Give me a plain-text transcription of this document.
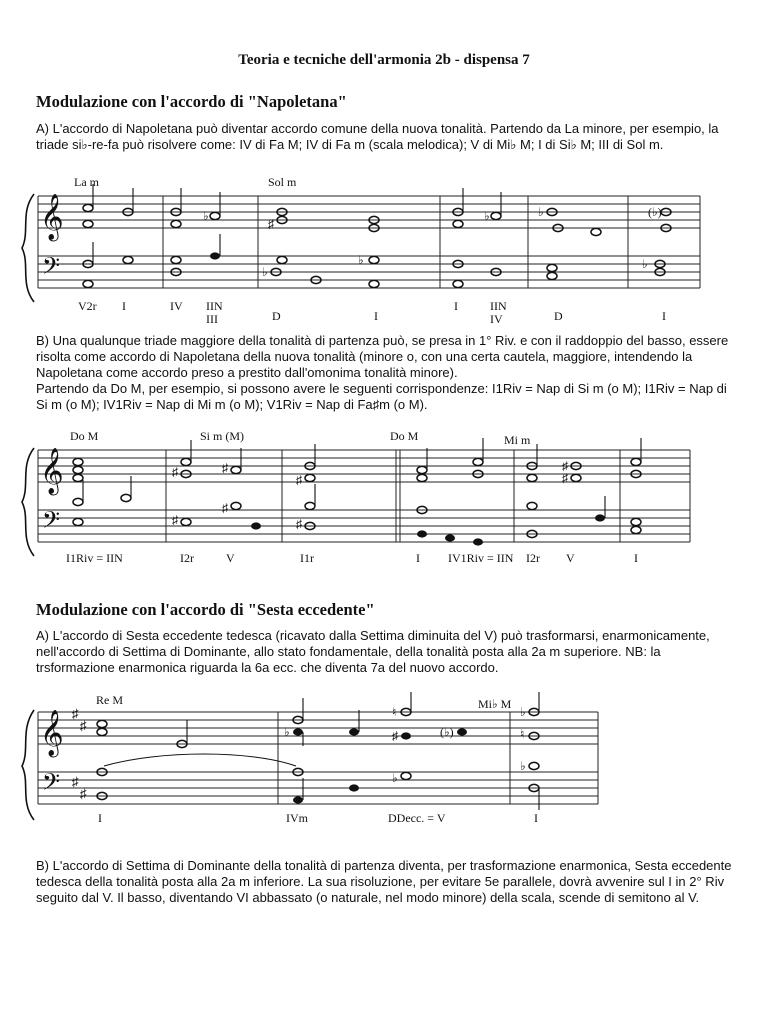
Teoria e tecniche dell'armonia 2b - dispensa 7
Modulazione con l'accordo di "Napoletana"

A) L'accordo di Napoletana può diventar accordo comune della nuova tonalità. Partendo da La minore, per esempio, la triade si♭-re-fa può risolvere come: IV di Fa M; IV di Fa m (scala melodica); V di Mi♭ M; I di Si♭ M; III di Sol m.

La m	Sol m
𝄞
𝄢
♭
♯
♭	♭	(♭)
♭
♭	♭
V2r I	IV IIN
III	D	I
I	IIN
IV	D	I

B) Una qualunque triade maggiore della tonalità di partenza può, se presa in 1° Riv. e con il raddoppio del basso, essere risolta come accordo di Napoletana della nuova tonalità (minore o, con una certa cautela, maggiore, intendendo la Napoletana come accordo preso a prestito dall'omonima tonalità minore).

Partendo da Do M, per esempio, si possono avere le seguenti corrispondenze: I1Riv = Nap di Si m (o M); I1Riv = Nap di Si m (o M); IV1Riv = Nap di Mi m (o M); V1Riv = Nap di Fa♯m (o M).

Do M	Si m (M)	Do M	Mi m
𝄞
𝄢
♯	♯
♯
♯
♯
♯
♯
♯
I1Riv = IIN	I2r	V	I1r	I IV1Riv = IIN I2r V	I
Modulazione con l'accordo di "Sesta eccedente"

A) L'accordo di Sesta eccedente tedesca (ricavato dalla Settima diminuita del V) può trasformarsi, enarmonicamente, nell'accordo di Settima di Dominante, allo stato fondamentale, della tonalità posta alla 2a m superiore. NB: la trsformazione enarmonica riguarda la 6a ecc. che diventa 7a del nuovo accordo.

Re M	Mi♭ M
𝄞 ♯
♯
𝄢 ♯
♯
♭
♮
♯	(♭)
♭
♮
♭
♭
I	IVm	DDecc. = V	I

B) L'accordo di Settima di Dominante della tonalità di partenza diventa, per trasformazione enarmonica, Sesta eccedente tedesca della tonalità posta alla 2a m inferiore. La sua risoluzione, per evitare 5e parallele, dovrà avvenire sul I in 2° Riv seguito dal V. Il basso, diventando VI abbassato (o naturale, nel modo minore) della scala, scende di semitono al V.
